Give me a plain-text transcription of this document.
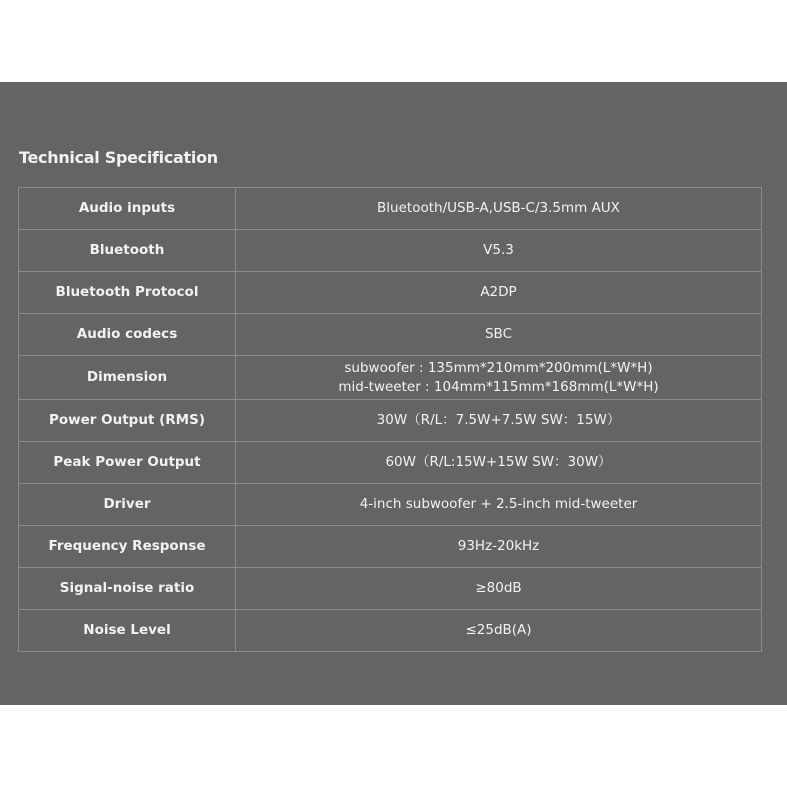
Technical Specification
Audio inputs	Bluetooth/USB-A,USB-C/3.5mm AUX
Bluetooth	V5.3
Bluetooth Protocol	A2DP
Audio codecs	SBC
Dimension	subwoofer : 135mm*210mm*200mm(L*W*H)
mid-tweeter : 104mm*115mm*168mm(L*W*H)

Power Output (RMS)	30W（R/L：7.5W+7.5W SW：15W）
Peak Power Output	60W（R/L:15W+15W SW：30W）
Driver	4-inch subwoofer + 2.5-inch mid-tweeter
Frequency Response	93Hz-20kHz
Signal-noise ratio	≥80dB
Noise Level	≤25dB(A)
